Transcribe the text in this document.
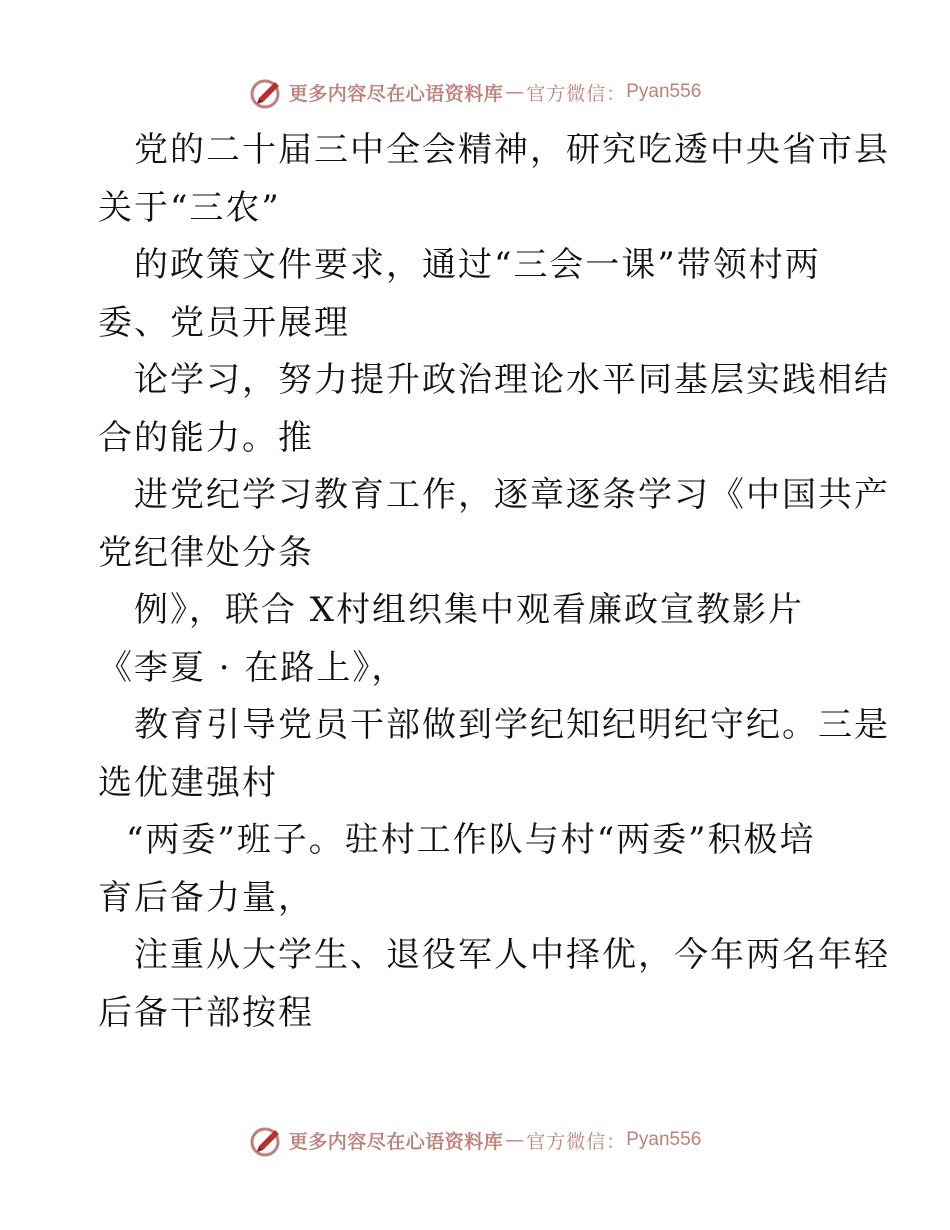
更多内容尽在心语资料库 — 官方微信： Pyan556
党的二十届三中全会精神，研究吃透中央省市县
关于“三农”
的政策文件要求，通过“三会一课”带领村两
委、党员开展理
论学习，努力提升政治理论水平同基层实践相结
合的能力。推
进党纪学习教育工作，逐章逐条学习《中国共产
党纪律处分条
例》，联合 X村组织集中观看廉政宣教影片
《李夏 · 在路上》，
教育引导党员干部做到学纪知纪明纪守纪。三是
选优建强村
“两委”班子。驻村工作队与村“两委”积极培
育后备力量，
注重从大学生、退役军人中择优，今年两名年轻
后备干部按程
更多内容尽在心语资料库 — 官方微信： Pyan556
